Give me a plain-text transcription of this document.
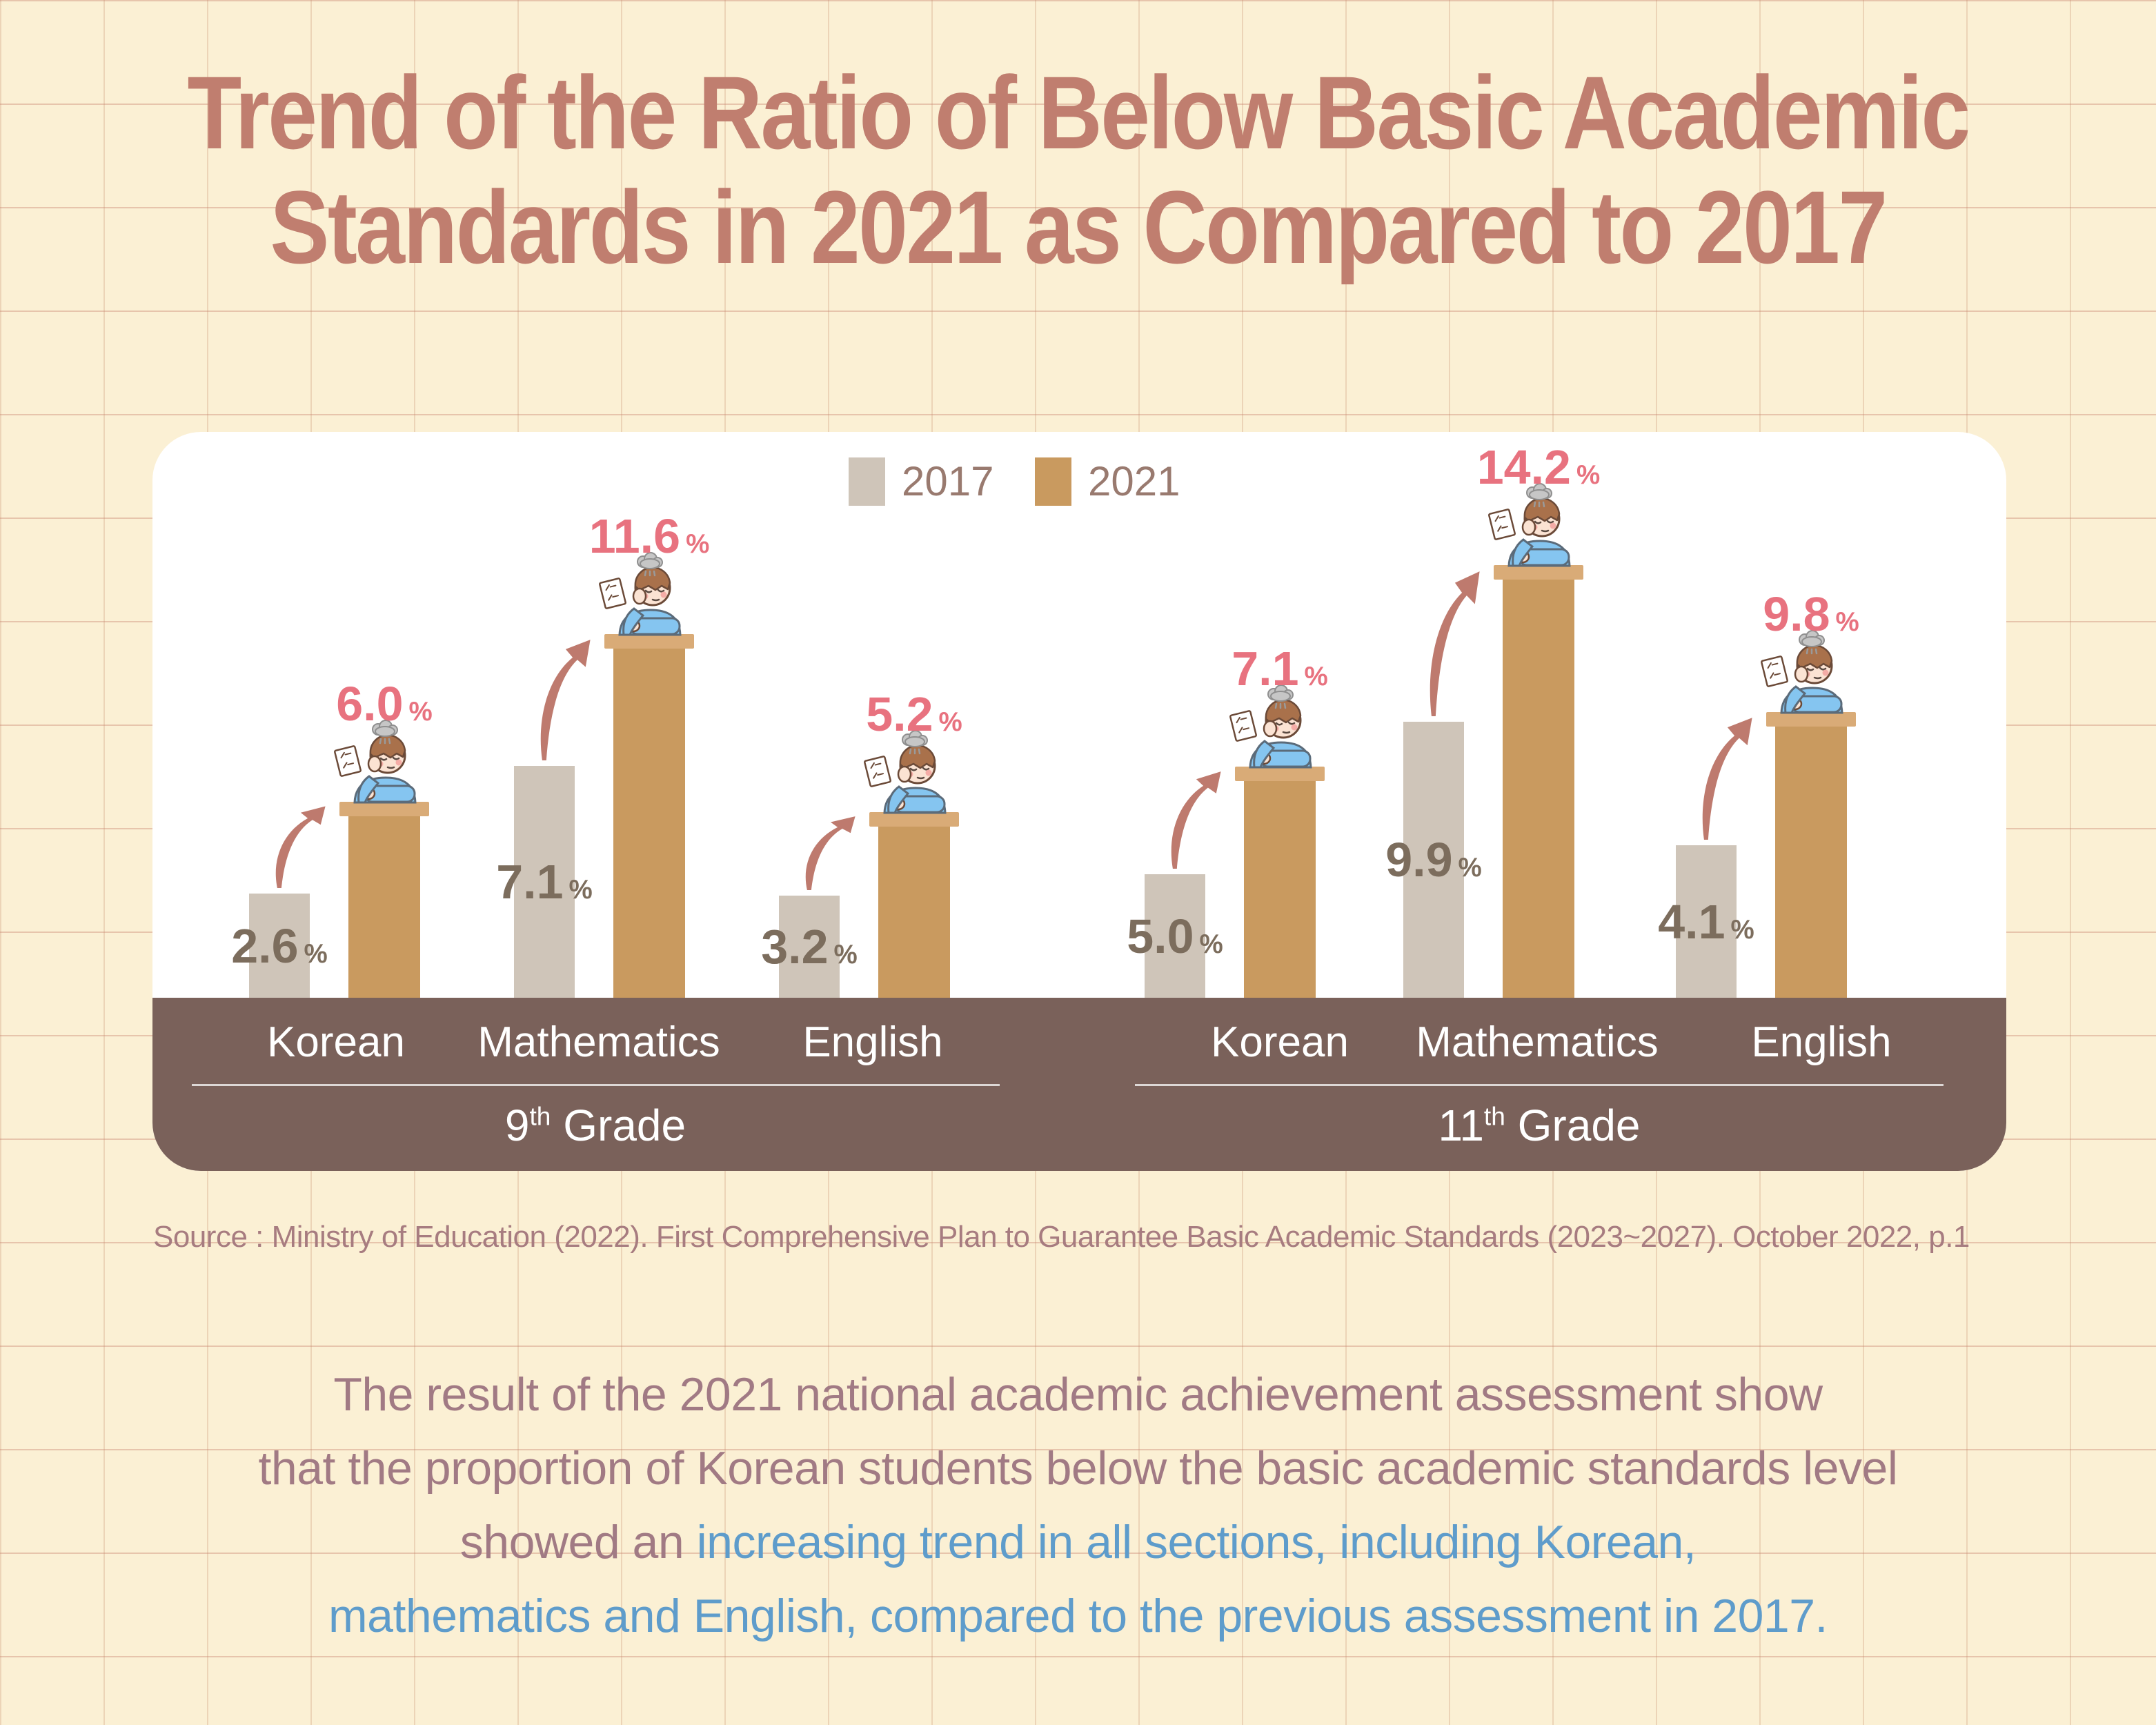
Trend of the Ratio of Below Basic Academic
Standards in 2021 as Compared to 2017
2017 2021
2.6 %
6.0 %
7.1 %
11.6 %
3.2 %
5.2 %
5.0 %
7.1 %
9.9 %
14.2 %
4.1 %
9.8 %
Korean	Mathematics	English	Korean	Mathematics	English
9th Grade	11th Grade
Source : Ministry of Education (2022). First Comprehensive Plan to Guarantee Basic Academic Standards (2023~2027). October 2022, p.1
The result of the 2021 national academic achievement assessment show
that the proportion of Korean students below the basic academic standards level
showed an increasing trend in all sections, including Korean,
mathematics and English, compared to the previous assessment in 2017.
